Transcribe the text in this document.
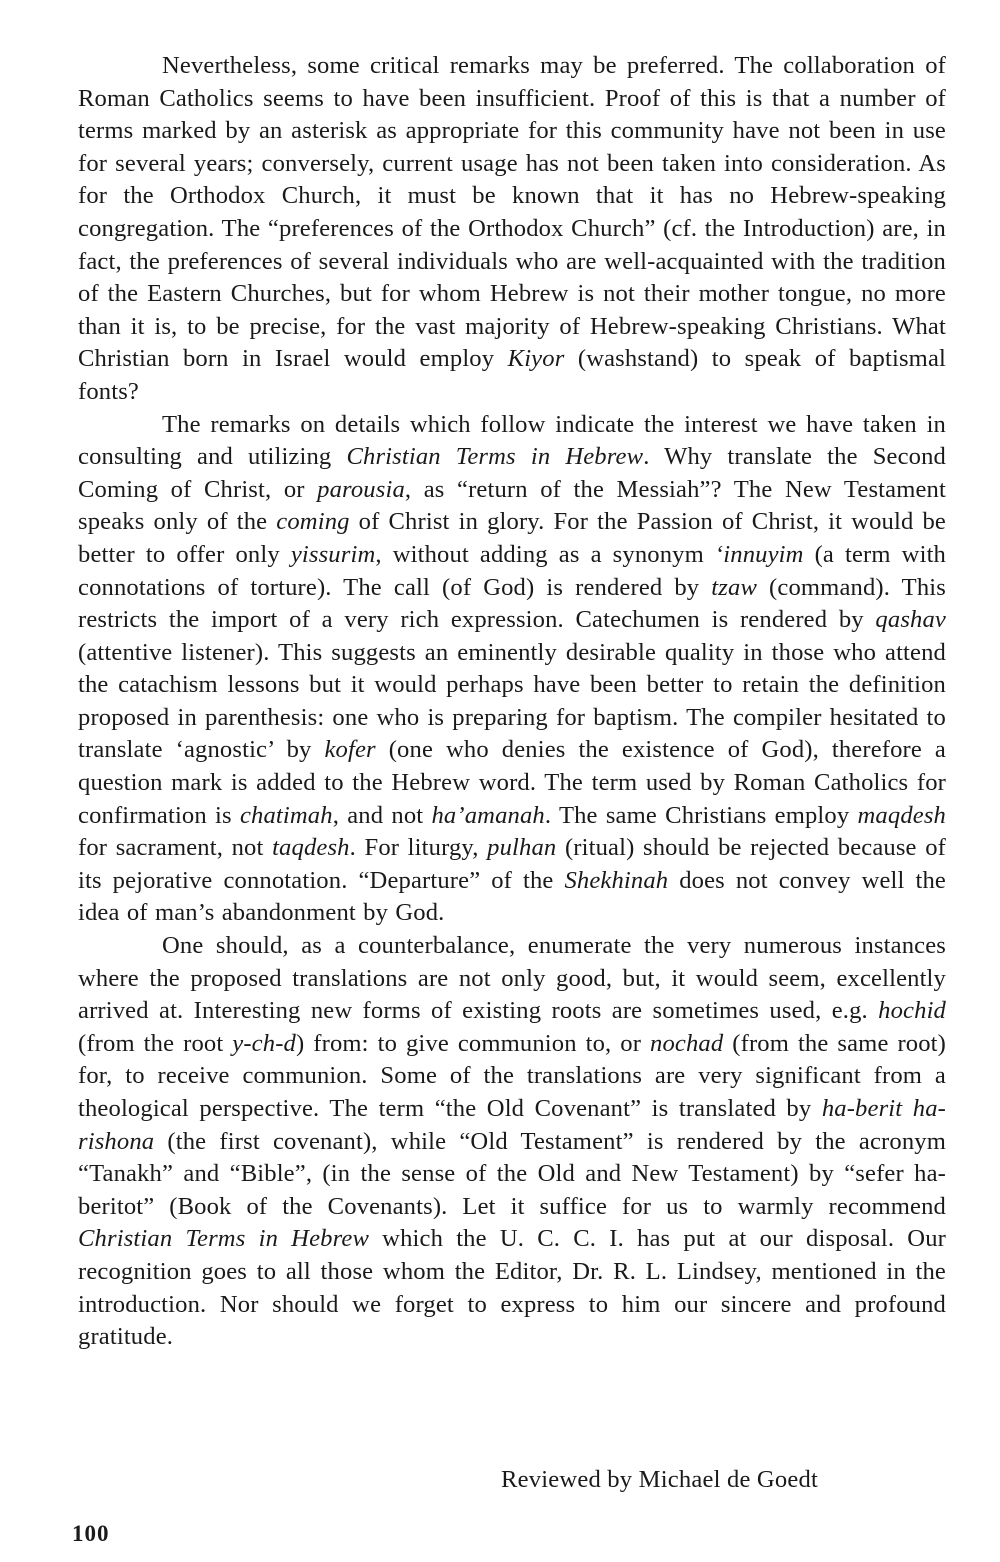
Nevertheless, some critical remarks may be preferred. The collaboration of Roman Catholics seems to have been insufficient. Proof of this is that a number of terms marked by an asterisk as appropriate for this community have not been in use for several years; conversely, current usage has not been taken into consideration. As for the Orthodox Church, it must be known that it has no Hebrew-speaking congregation. The “preferences of the Orthodox Church” (cf. the Introduction) are, in fact, the preferences of several individuals who are well-acquainted with the tradition of the Eastern Churches, but for whom Hebrew is not their mother tongue, no more than it is, to be precise, for the vast majority of Hebrew-speaking Christians. What Christian born in Israel would employ Kiyor (washstand) to speak of baptismal fonts?

The remarks on details which follow indicate the interest we have taken in consulting and utilizing Christian Terms in Hebrew. Why translate the Second Coming of Christ, or parousia, as “return of the Messiah”? The New Testament speaks only of the coming of Christ in glory. For the Passion of Christ, it would be better to offer only yissurim, without adding as a synonym ‘innuyim (a term with connotations of torture). The call (of God) is rendered by tzaw (command). This restricts the import of a very rich expression. Catechumen is rendered by qashav (attentive listener). This suggests an eminently desirable quality in those who attend the catachism lessons but it would perhaps have been better to retain the definition proposed in parenthesis: one who is preparing for baptism. The compiler hesitated to translate ‘agnostic’ by kofer (one who denies the existence of God), therefore a question mark is added to the Hebrew word. The term used by Roman Catholics for confirmation is chatimah, and not ha’amanah. The same Christians employ maqdesh for sacrament, not taqdesh. For liturgy, pulhan (ritual) should be rejected because of its pejorative connotation. “Departure” of the Shekhinah does not convey well the idea of man’s abandonment by God.

One should, as a counterbalance, enumerate the very numerous instances where the proposed translations are not only good, but, it would seem, excellently arrived at. Interesting new forms of existing roots are sometimes used, e.g. hochid (from the root y-ch-d) from: to give communion to, or nochad (from the same root) for, to receive communion. Some of the translations are very significant from a theological perspective. The term “the Old Covenant” is translated by ha-berit ha-rishona (the first covenant), while “Old Testament” is rendered by the acronym “Tanakh” and “Bible”, (in the sense of the Old and New Testament) by “sefer ha-beritot” (Book of the Covenants). Let it suffice for us to warmly recommend Christian Terms in Hebrew which the U. C. C. I. has put at our disposal. Our recognition goes to all those whom the Editor, Dr. R. L. Lindsey, mentioned in the introduction. Nor should we forget to express to him our sincere and profound gratitude.

Reviewed by Michael de Goedt
100
